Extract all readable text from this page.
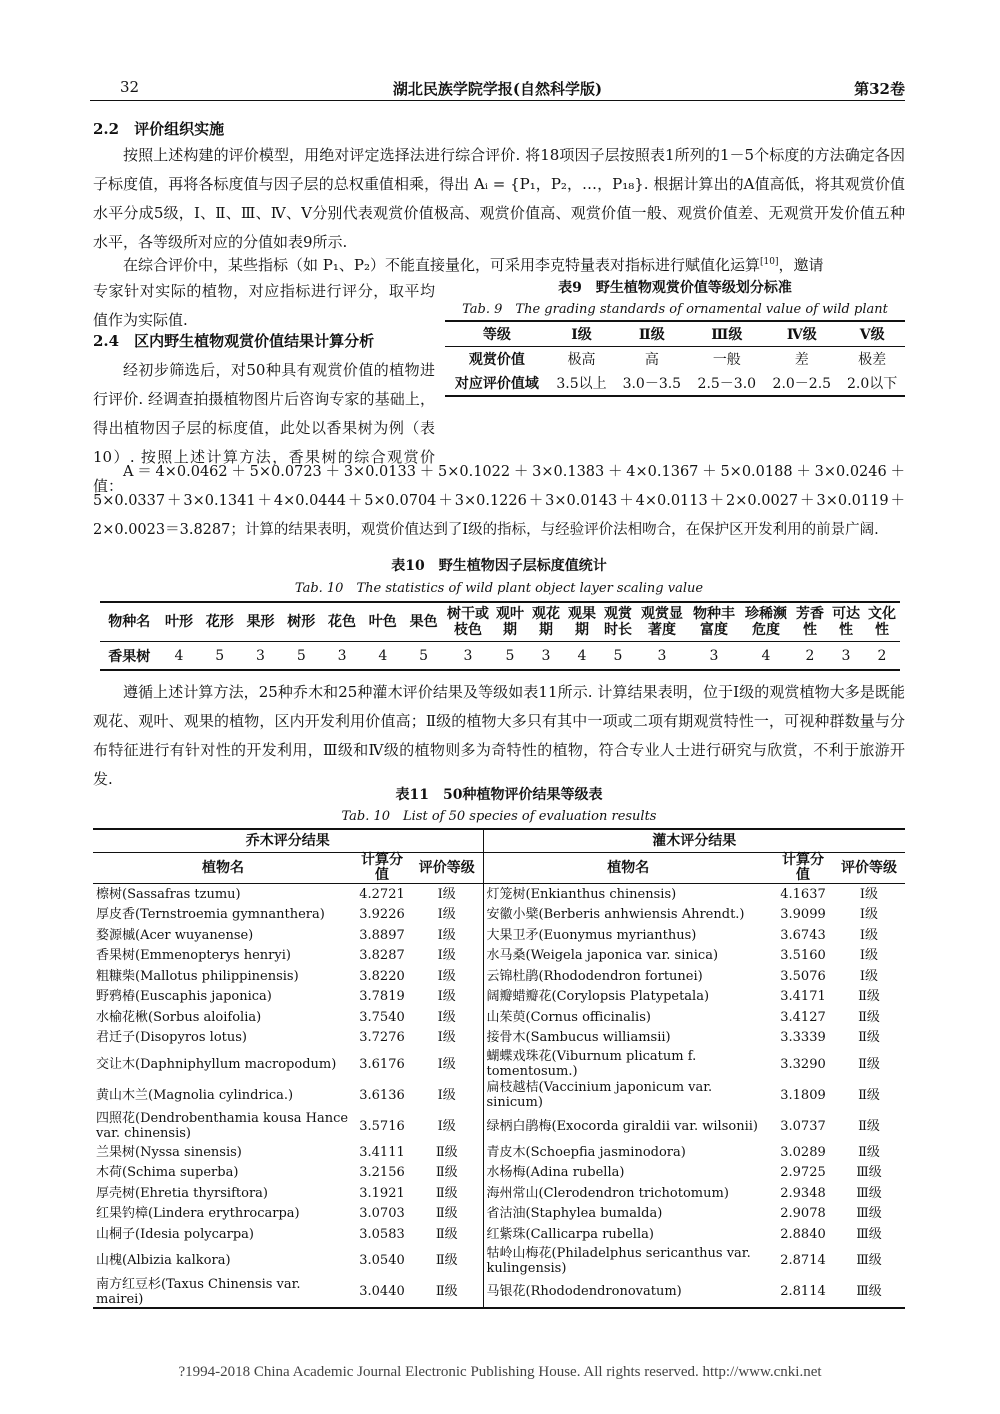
32	湖北民族学院学报(自然科学版)	第32卷
2.2　评价组织实施
按照上述构建的评价模型，用绝对评定选择法进行综合评价. 将18项因子层按照表1所列的1－5个标度的方法确定各因子标度值，再将各标度值与因子层的总权重值相乘，得出 Aᵢ = {P₁，P₂，…，P₁₈}. 根据计算出的A值高低，将其观赏价值水平分成5级，Ⅰ、Ⅱ、Ⅲ、Ⅳ、Ⅴ分别代表观赏价值极高、观赏价值高、观赏价值一般、观赏价值差、无观赏开发价值五种水平，各等级所对应的分值如表9所示.
在综合评价中，某些指标（如 P₁、P₂）不能直接量化，可采用李克特量表对指标进行赋值化运算[10]，邀请
专家针对实际的植物，对应指标进行评分，取平均值作为实际值.
表9　野生植物观赏价值等级划分标准
Tab. 9　The grading standards of ornamental value of wild plant
等级	Ⅰ级	Ⅱ级	Ⅲ级	Ⅳ级	Ⅴ级
观赏价值	极高	高	一般	差	极差
对应评价值域	3.5以上	3.0－3.5	2.5－3.0	2.0－2.5	2.0以下
2.4　区内野生植物观赏价值结果计算分析
经初步筛选后，对50种具有观赏价值的植物进行评价. 经调查拍摄植物图片后咨询专家的基础上，得出植物因子层的标度值，此处以香果树为例（表10）. 按照上述计算方法，香果树的综合观赏价值：
A＝4×0.0462＋5×0.0723＋3×0.0133＋5×0.1022＋3×0.1383＋4×0.1367＋5×0.0188＋3×0.0246＋5×0.0337＋3×0.1341＋4×0.0444＋5×0.0704＋3×0.1226＋3×0.0143＋4×0.0113＋2×0.0027＋3×0.0119＋2×0.0023＝3.8287；计算的结果表明，观赏价值达到了Ⅰ级的指标，与经验评价法相吻合，在保护区开发利用的前景广阔.
表10　野生植物因子层标度值统计
Tab. 10　The statistics of wild plant object layer scaling value
物种名	叶形	花形	果形	树形	花色	叶色	果色	树干或枝色	观叶期	观花期	观果期	观赏时长	观赏显著度	物种丰富度	珍稀濒危度	芳香性	可达性	文化性
香果树	4	5	3	5	3	4	5	3	5	3	4	5	3	3	4	2	3	2
遵循上述计算方法，25种乔木和25种灌木评价结果及等级如表11所示. 计算结果表明，位于Ⅰ级的观赏植物大多是既能观花、观叶、观果的植物，区内开发利用价值高；Ⅱ级的植物大多只有其中一项或二项有期观赏特性一，可视种群数量与分布特征进行有针对性的开发利用，Ⅲ级和Ⅳ级的植物则多为奇特性的植物，符合专业人士进行研究与欣赏，不利于旅游开发.
表11　50种植物评价结果等级表
Tab. 10　List of 50 species of evaluation results
乔木评分结果			灌木评分结果		
植物名	计算分值	评价等级	植物名	计算分值	评价等级
檫树(Sassafras tzumu)	4.2721	Ⅰ级	灯笼树(Enkianthus chinensis)	4.1637	Ⅰ级
厚皮香(Ternstroemia gymnanthera)	3.9226	Ⅰ级	安徽小檗(Berberis anhwiensis Ahrendt.)	3.9099	Ⅰ级
婺源槭(Acer wuyanense)	3.8897	Ⅰ级	大果卫矛(Euonymus myrianthus)	3.6743	Ⅰ级
香果树(Emmenopterys henryi)	3.8287	Ⅰ级	水马桑(Weigela japonica var. sinica)	3.5160	Ⅰ级
粗糠柴(Mallotus philippinensis)	3.8220	Ⅰ级	云锦杜鹃(Rhododendron fortunei)	3.5076	Ⅰ级
野鸦椿(Euscaphis japonica)	3.7819	Ⅰ级	阔瓣蜡瓣花(Corylopsis Platypetala)	3.4171	Ⅱ级
水榆花楸(Sorbus aloifolia)	3.7540	Ⅰ级	山茱萸(Cornus officinalis)	3.4127	Ⅱ级
君迁子(Disopyros lotus)	3.7276	Ⅰ级	接骨木(Sambucus williamsii)	3.3339	Ⅱ级
交让木(Daphniphyllum macropodum)	3.6176	Ⅰ级	蝴蝶戏珠花(Viburnum plicatum f. tomentosum.)	3.3290	Ⅱ级
黄山木兰(Magnolia cylindrica.)	3.6136	Ⅰ级	扁枝越桔(Vaccinium japonicum var. sinicum)	3.1809	Ⅱ级
四照花(Dendrobenthamia kousa Hance var. chinensis)	3.5716	Ⅰ级	绿柄白鹃梅(Exocorda giraldii var. wilsonii)	3.0737	Ⅱ级
兰果树(Nyssa sinensis)	3.4111	Ⅱ级	青皮木(Schoepfia jasminodora)	3.0289	Ⅱ级
木荷(Schima superba)	3.2156	Ⅱ级	水杨梅(Adina rubella)	2.9725	Ⅲ级
厚壳树(Ehretia thyrsiftora)	3.1921	Ⅱ级	海州常山(Clerodendron trichotomum)	2.9348	Ⅲ级
红果钓樟(Lindera erythrocarpa)	3.0703	Ⅱ级	省沽油(Staphylea bumalda)	2.9078	Ⅲ级
山桐子(Idesia polycarpa)	3.0583	Ⅱ级	红紫珠(Callicarpa rubella)	2.8840	Ⅲ级
山槐(Albizia kalkora)	3.0540	Ⅱ级	牯岭山梅花(Philadelphus sericanthus var. kulingensis)	2.8714	Ⅲ级
南方红豆杉(Taxus Chinensis var. mairei)	3.0440	Ⅱ级	马银花(Rhododendronovatum)	2.8114	Ⅲ级
?1994-2018 China Academic Journal Electronic Publishing House. All rights reserved. http://www.cnki.net
